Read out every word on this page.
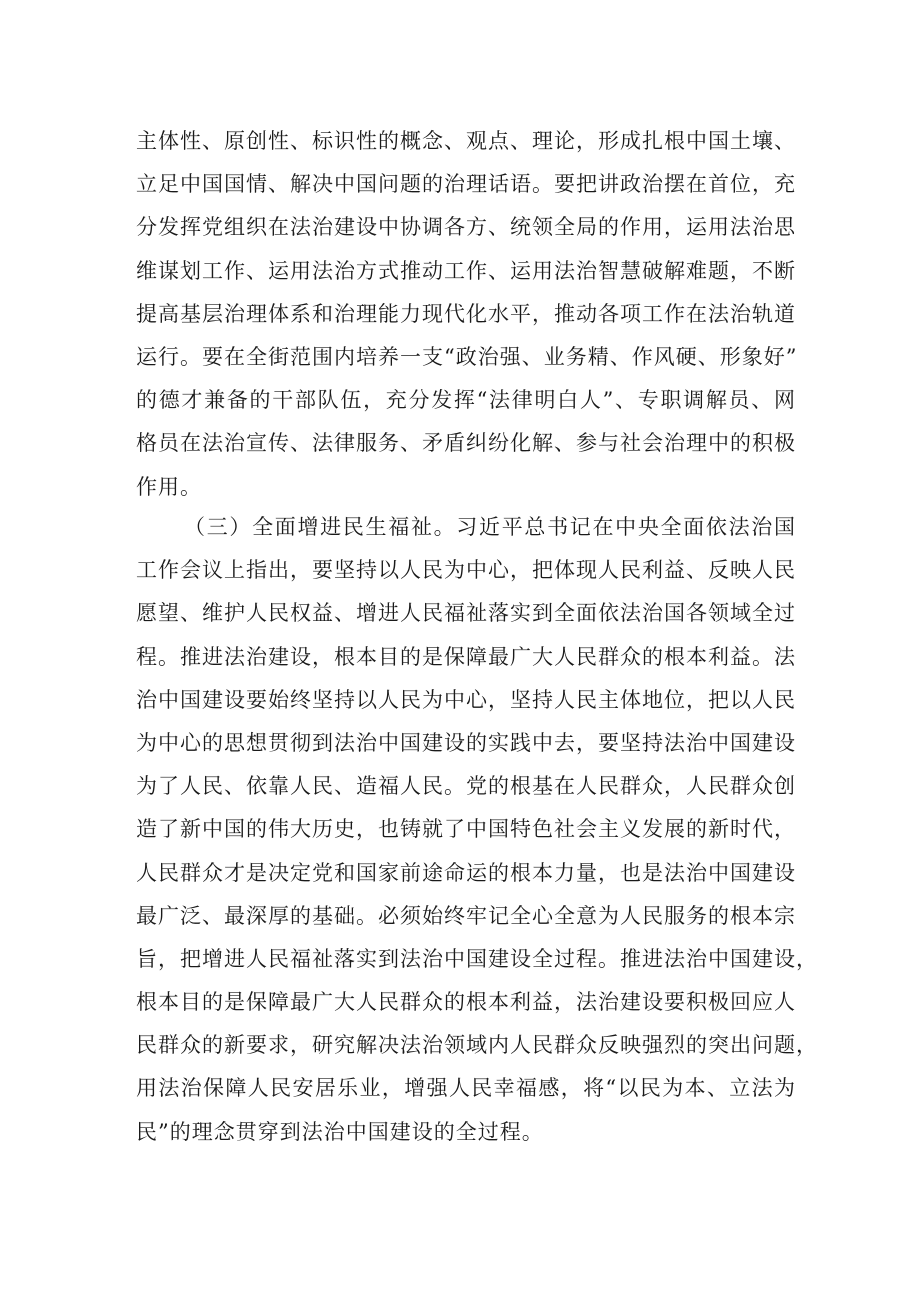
主体性、原创性、标识性的概念、观点、理论，形成扎根中国土壤、
立足中国国情、解决中国问题的治理话语。要把讲政治摆在首位，充
分发挥党组织在法治建设中协调各方、统领全局的作用，运用法治思
维谋划工作、运用法治方式推动工作、运用法治智慧破解难题，不断
提高基层治理体系和治理能力现代化水平，推动各项工作在法治轨道
运行。要在全街范围内培养一支“政治强、业务精、作风硬、形象好”
的德才兼备的干部队伍，充分发挥“法律明白人”、专职调解员、网
格员在法治宣传、法律服务、矛盾纠纷化解、参与社会治理中的积极
作用。
（三）全面增进民生福祉。习近平总书记在中央全面依法治国
工作会议上指出，要坚持以人民为中心，把体现人民利益、反映人民
愿望、维护人民权益、增进人民福祉落实到全面依法治国各领域全过
程。推进法治建设，根本目的是保障最广大人民群众的根本利益。法
治中国建设要始终坚持以人民为中心，坚持人民主体地位，把以人民
为中心的思想贯彻到法治中国建设的实践中去，要坚持法治中国建设
为了人民、依靠人民、造福人民。党的根基在人民群众，人民群众创
造了新中国的伟大历史，也铸就了中国特色社会主义发展的新时代，
人民群众才是决定党和国家前途命运的根本力量，也是法治中国建设
最广泛、最深厚的基础。必须始终牢记全心全意为人民服务的根本宗
旨，把增进人民福祉落实到法治中国建设全过程。推进法治中国建设，
根本目的是保障最广大人民群众的根本利益，法治建设要积极回应人
民群众的新要求，研究解决法治领域内人民群众反映强烈的突出问题，
用法治保障人民安居乐业，增强人民幸福感，将“以民为本、立法为
民”的理念贯穿到法治中国建设的全过程。
